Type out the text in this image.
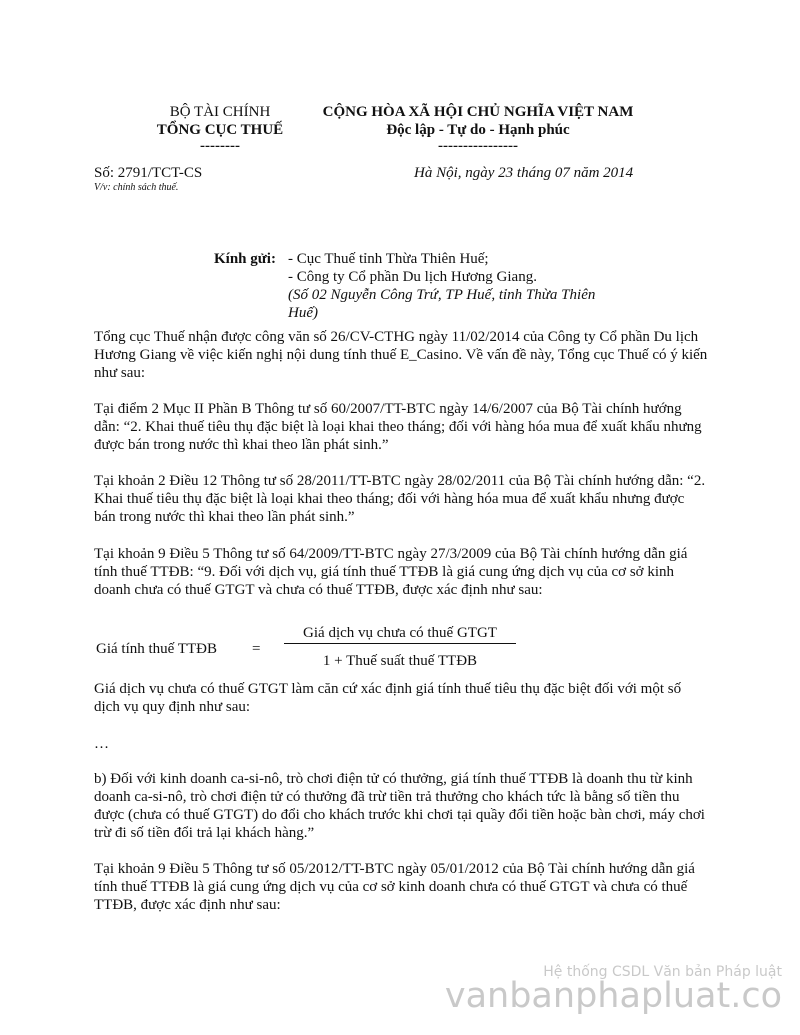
BỘ TÀI CHÍNH
TỔNG CỤC THUẾ
--------
CỘNG HÒA XÃ HỘI CHỦ NGHĨA VIỆT NAM
Độc lập - Tự do - Hạnh phúc
----------------
Số: 2791/TCT-CS
V/v: chính sách thuế.
Hà Nội, ngày 23 tháng 07 năm 2014
Kính gửi: - Cục Thuế tỉnh Thừa Thiên Huế;
- Công ty Cổ phần Du lịch Hương Giang.
(Số 02 Nguyễn Công Trứ, TP Huế, tỉnh Thừa Thiên
Huế)

Tổng cục Thuế nhận được công văn số 26/CV-CTHG ngày 11/02/2014 của Công ty Cổ phần Du lịch Hương Giang về việc kiến nghị nội dung tính thuế E_Casino. Về vấn đề này, Tổng cục Thuế có ý kiến như sau:

Tại điểm 2 Mục II Phần B Thông tư số 60/2007/TT-BTC ngày 14/6/2007 của Bộ Tài chính hướng dẫn: “2. Khai thuế tiêu thụ đặc biệt là loại khai theo tháng; đối với hàng hóa mua để xuất khẩu nhưng được bán trong nước thì khai theo lần phát sinh.”

Tại khoản 2 Điều 12 Thông tư số 28/2011/TT-BTC ngày 28/02/2011 của Bộ Tài chính hướng dẫn: “2. Khai thuế tiêu thụ đặc biệt là loại khai theo tháng; đối với hàng hóa mua để xuất khẩu nhưng được bán trong nước thì khai theo lần phát sinh.”

Tại khoản 9 Điều 5 Thông tư số 64/2009/TT-BTC ngày 27/3/2009 của Bộ Tài chính hướng dẫn giá tính thuế TTĐB: “9. Đối với dịch vụ, giá tính thuế TTĐB là giá cung ứng dịch vụ của cơ sở kinh doanh chưa có thuế GTGT và chưa có thuế TTĐB, được xác định như sau:

Giá tính thuế TTĐB =
Giá dịch vụ chưa có thuế GTGT
1 + Thuế suất thuế TTĐB

Giá dịch vụ chưa có thuế GTGT làm căn cứ xác định giá tính thuế tiêu thụ đặc biệt đối với một số dịch vụ quy định như sau:

…

b) Đối với kinh doanh ca-si-nô, trò chơi điện tử có thưởng, giá tính thuế TTĐB là doanh thu từ kinh doanh ca-si-nô, trò chơi điện tử có thưởng đã trừ tiền trả thưởng cho khách tức là bằng số tiền thu được (chưa có thuế GTGT) do đổi cho khách trước khi chơi tại quầy đổi tiền hoặc bàn chơi, máy chơi trừ đi số tiền đổi trả lại khách hàng.”

Tại khoản 9 Điều 5 Thông tư số 05/2012/TT-BTC ngày 05/01/2012 của Bộ Tài chính hướng dẫn giá tính thuế TTĐB là giá cung ứng dịch vụ của cơ sở kinh doanh chưa có thuế GTGT và chưa có thuế TTĐB, được xác định như sau:

Hệ thống CSDL Văn bản Pháp luật
vanbanphapluat.co
